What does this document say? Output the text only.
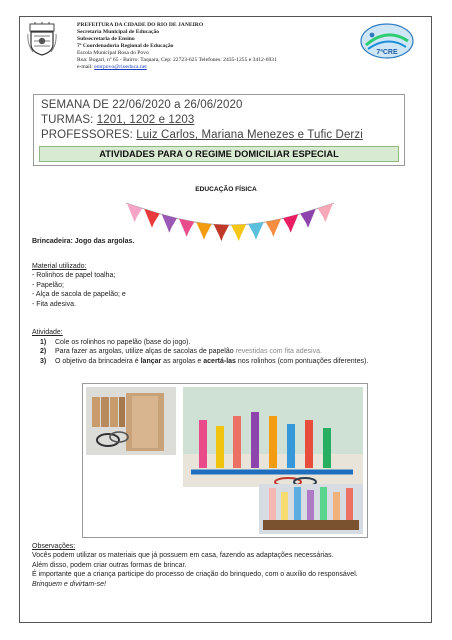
PREFEITURA DA CIDADE DO RIO DE JANEIRO
Secretaria Municipal de Educação
Subsecretaria de Ensino
7ª Coordenadoria Regional de Educação
Escola Municipal Rosa do Povo
Rua: Bogari, nº 65 - Bairro: Taquara, Cep: 22723-625 Telefones: 2435-1255 e 3412-6931
e-mail: emrpovo@rioeduca.net
7ªCRE
SEMANA DE 22/06/2020 a 26/06/2020
TURMAS: 1201, 1202 e 1203
PROFESSORES: Luiz Carlos, Mariana Menezes e Tufic Derzi
ATIVIDADES PARA O REGIME DOMICILIAR ESPECIAL
EDUCAÇÃO FÍSICA
Brincadeira: Jogo das argolas.
Material utilizado:
- Rolinhos de papel toalha;
- Papelão;
- Alça de sacola de papelão; e
- Fita adesiva.
Atividade:
1) Cole os rolinhos no papelão (base do jogo).
2) Para fazer as argolas, utilize alças de sacolas de papelão revestidas com fita adesiva.
3) O objetivo da brincadeira é lançar as argolas e acertá-las nos rolinhos (com pontuações diferentes).
Observações:
Vocês podem utilizar os materiais que já possuem em casa, fazendo as adaptações necessárias.
Além disso, podem criar outras formas de brincar.
É importante que a criança participe do processo de criação do brinquedo, com o auxílio do responsável.
Brinquem e divirtam-se!
